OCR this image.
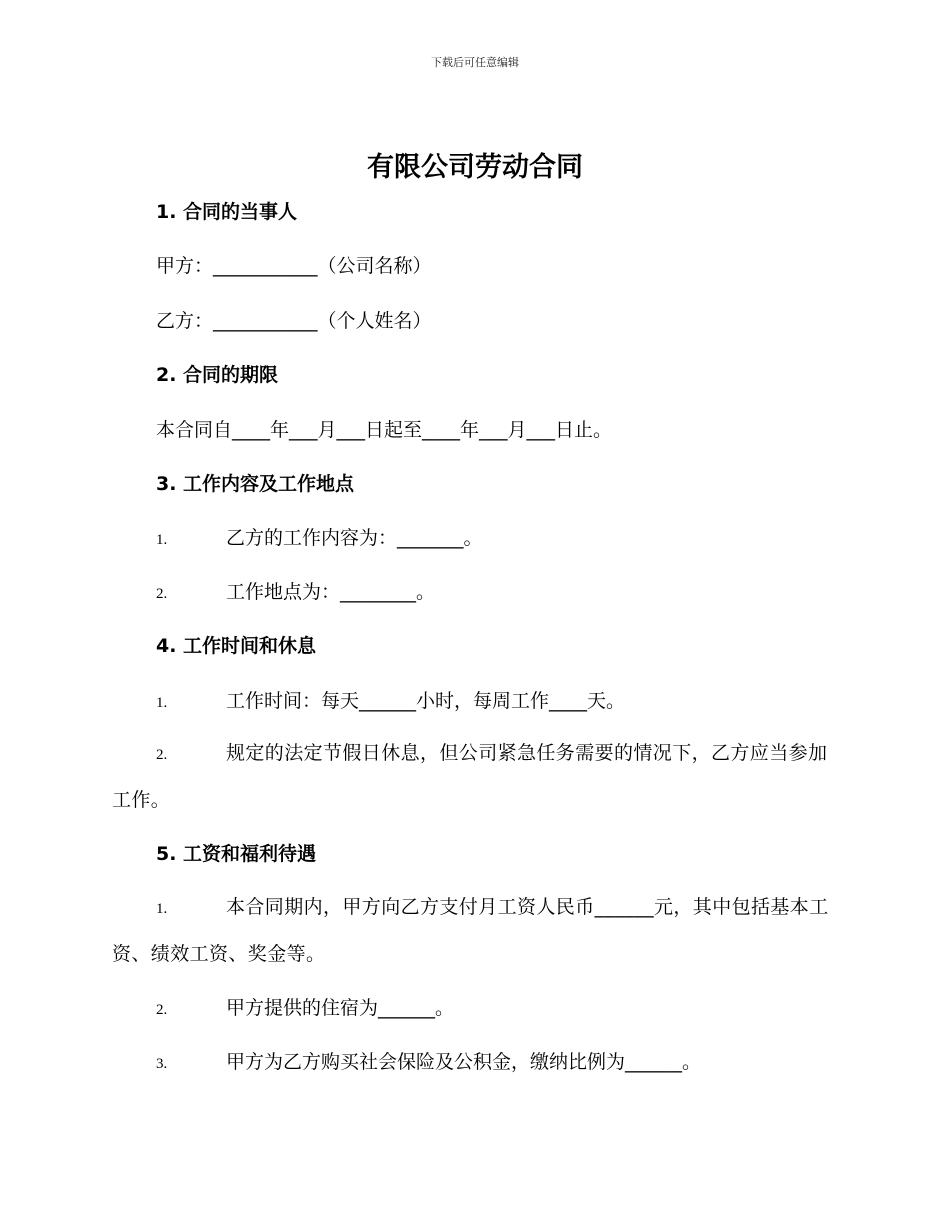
下载后可任意编辑
有限公司劳动合同
1. 合同的当事人
甲方：___________（公司名称）
乙方：___________（个人姓名）
2. 合同的期限
本合同自____年___月___日起至____年___月___日止。
3. 工作内容及工作地点
1.	乙方的工作内容为：_______。
2.	工作地点为：________。
4. 工作时间和休息
1.	工作时间：每天______小时，每周工作____天。
2.	规定的法定节假日休息，但公司紧急任务需要的情况下，乙方应当参加工作。
5. 工资和福利待遇
1.	本合同期内，甲方向乙方支付月工资人民币______元，其中包括基本工资、绩效工资、奖金等。
2.	甲方提供的住宿为______。
3.	甲方为乙方购买社会保险及公积金，缴纳比例为______。
